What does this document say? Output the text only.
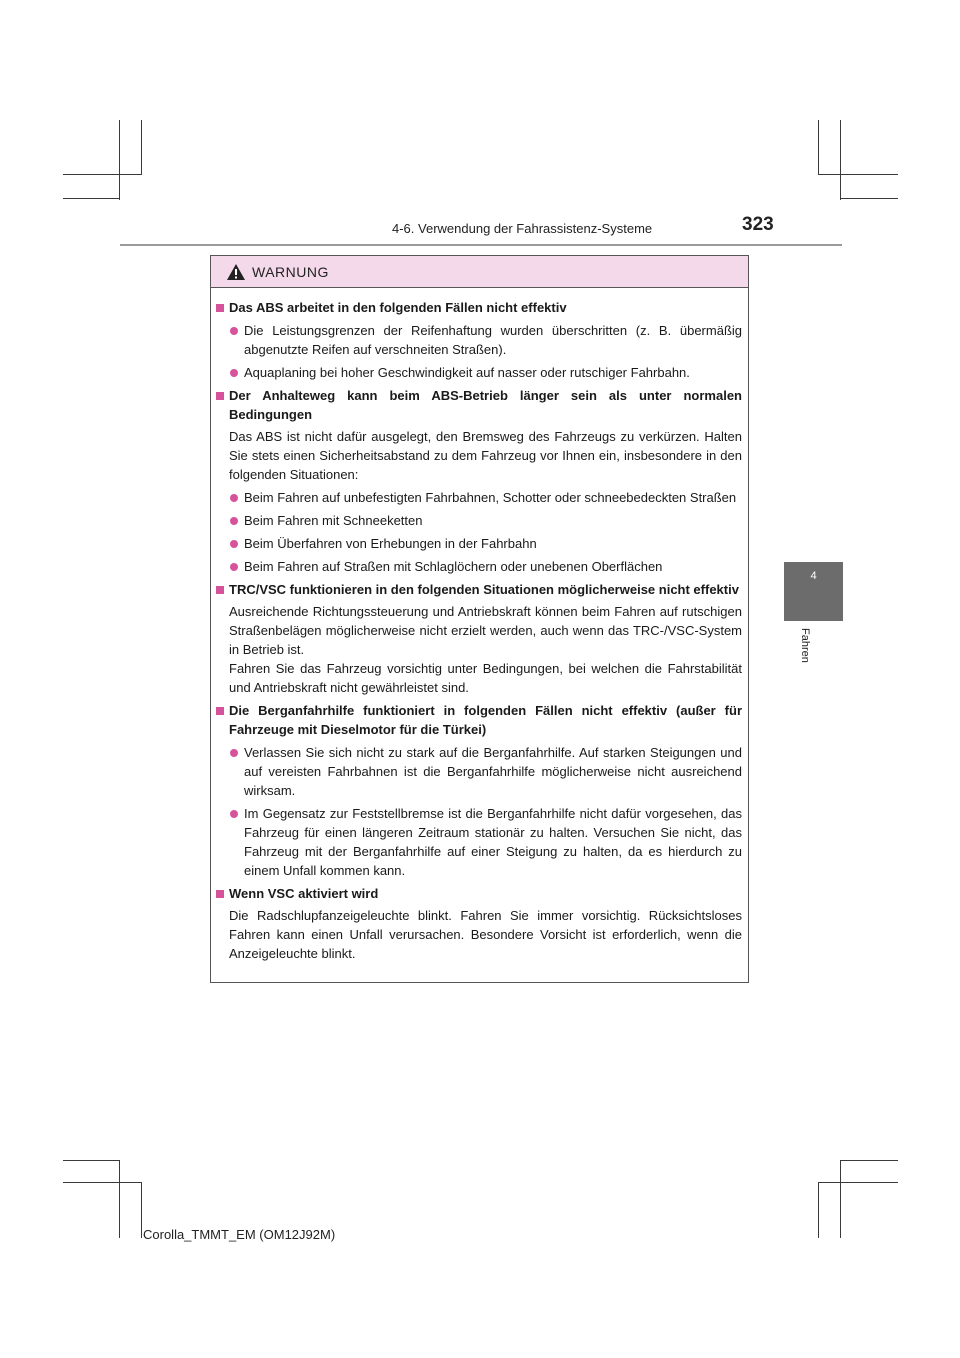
4-6. Verwendung der Fahrassistenz-Systeme	323
4
Fahren
WARNUNG
Das ABS arbeitet in den folgenden Fällen nicht effektiv
Die Leistungsgrenzen der Reifenhaftung wurden überschritten (z. B. übermäßig abgenutzte Reifen auf verschneiten Straßen).
Aquaplaning bei hoher Geschwindigkeit auf nasser oder rutschiger Fahrbahn.
Der Anhalteweg kann beim ABS-Betrieb länger sein als unter normalen Bedingungen
Das ABS ist nicht dafür ausgelegt, den Bremsweg des Fahrzeugs zu verkürzen. Halten Sie stets einen Sicherheitsabstand zu dem Fahrzeug vor Ihnen ein, insbesondere in den folgenden Situationen:
Beim Fahren auf unbefestigten Fahrbahnen, Schotter oder schneebedeckten Straßen
Beim Fahren mit Schneeketten
Beim Überfahren von Erhebungen in der Fahrbahn
Beim Fahren auf Straßen mit Schlaglöchern oder unebenen Oberflächen
TRC/VSC funktionieren in den folgenden Situationen möglicherweise nicht effektiv
Ausreichende Richtungssteuerung und Antriebskraft können beim Fahren auf rutschigen Straßenbelägen möglicherweise nicht erzielt werden, auch wenn das TRC-/VSC-System in Betrieb ist.
Fahren Sie das Fahrzeug vorsichtig unter Bedingungen, bei welchen die Fahrstabilität und Antriebskraft nicht gewährleistet sind.
Die Berganfahrhilfe funktioniert in folgenden Fällen nicht effektiv (außer für Fahrzeuge mit Dieselmotor für die Türkei)
Verlassen Sie sich nicht zu stark auf die Berganfahrhilfe. Auf starken Steigungen und auf vereisten Fahrbahnen ist die Berganfahrhilfe möglicherweise nicht ausreichend wirksam.
Im Gegensatz zur Feststellbremse ist die Berganfahrhilfe nicht dafür vorgesehen, das Fahrzeug für einen längeren Zeitraum stationär zu halten. Versuchen Sie nicht, das Fahrzeug mit der Berganfahrhilfe auf einer Steigung zu halten, da es hierdurch zu einem Unfall kommen kann.
Wenn VSC aktiviert wird
Die Radschlupfanzeigeleuchte blinkt. Fahren Sie immer vorsichtig. Rücksichtsloses Fahren kann einen Unfall verursachen. Besondere Vorsicht ist erforderlich, wenn die Anzeigeleuchte blinkt.
Corolla_TMMT_EM (OM12J92M)
